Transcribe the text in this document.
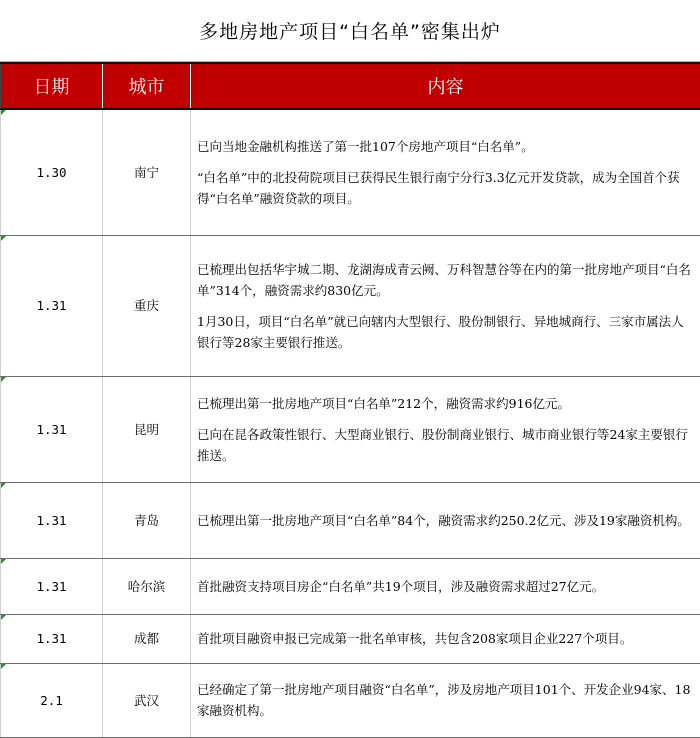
多地房地产项目“白名单”密集出炉
日期	城市	内容

1.30	南宁	已向当地金融机构推送了第一批107个房地产项目“白名单”。

“白名单”中的北投荷院项目已获得民生银行南宁分行3.3亿元开发贷款，成为全国首个获得“白名单”融资贷款的项目。

1.31	重庆	已梳理出包括华宇城二期、龙湖海成青云阙、万科智慧谷等在内的第一批房地产项目“白名单”314个，融资需求约830亿元。

1月30日，项目“白名单”就已向辖内大型银行、股份制银行、异地城商行、三家市属法人银行等28家主要银行推送。

1.31	昆明	已梳理出第一批房地产项目“白名单”212个，融资需求约916亿元。

已向在昆各政策性银行、大型商业银行、股份制商业银行、城市商业银行等24家主要银行推送。

1.31	青岛	已梳理出第一批房地产项目“白名单”84个，融资需求约250.2亿元、涉及19家融资机构。

1.31	哈尔滨	首批融资支持项目房企“白名单”共19个项目，涉及融资需求超过27亿元。

1.31	成都	首批项目融资申报已完成第一批名单审核，共包含208家项目企业227个项目。

2.1	武汉	已经确定了第一批房地产项目融资“白名单”，涉及房地产项目101个、开发企业94家、18家融资机构。
